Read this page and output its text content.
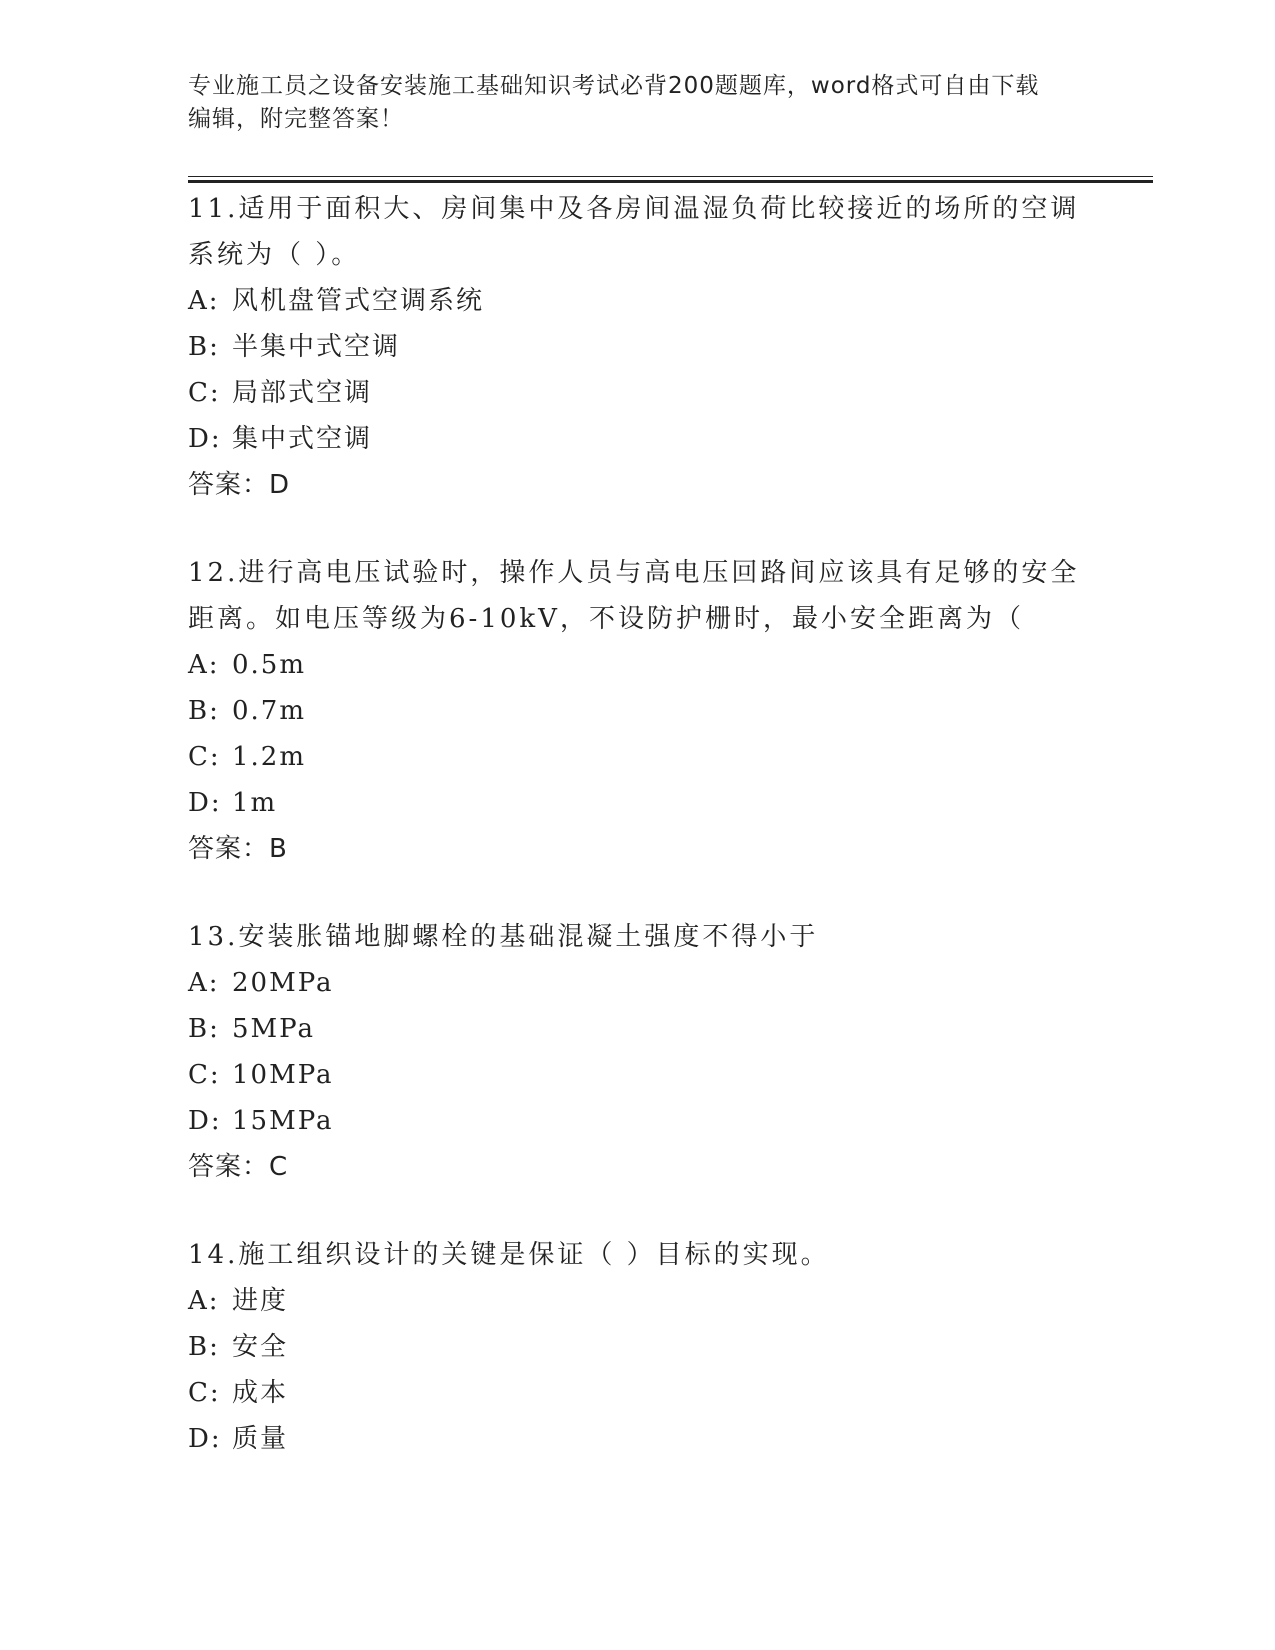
专业施工员之设备安装施工基础知识考试必背200题题库，word格式可自由下载
编辑，附完整答案！
11.适用于面积大、房间集中及各房间温湿负荷比较接近的场所的空调
系统为（ ）。
A: 风机盘管式空调系统
B: 半集中式空调
C: 局部式空调
D: 集中式空调
答案：D
12.进行高电压试验时，操作人员与高电压回路间应该具有足够的安全
距离。如电压等级为6-10kV，不设防护栅时，最小安全距离为（
A: 0.5m
B: 0.7m
C: 1.2m
D: 1m
答案：B
13.安装胀锚地脚螺栓的基础混凝土强度不得小于
A: 20MPa
B: 5MPa
C: 10MPa
D: 15MPa
答案：C
14.施工组织设计的关键是保证（ ）目标的实现。
A: 进度
B: 安全
C: 成本
D: 质量
